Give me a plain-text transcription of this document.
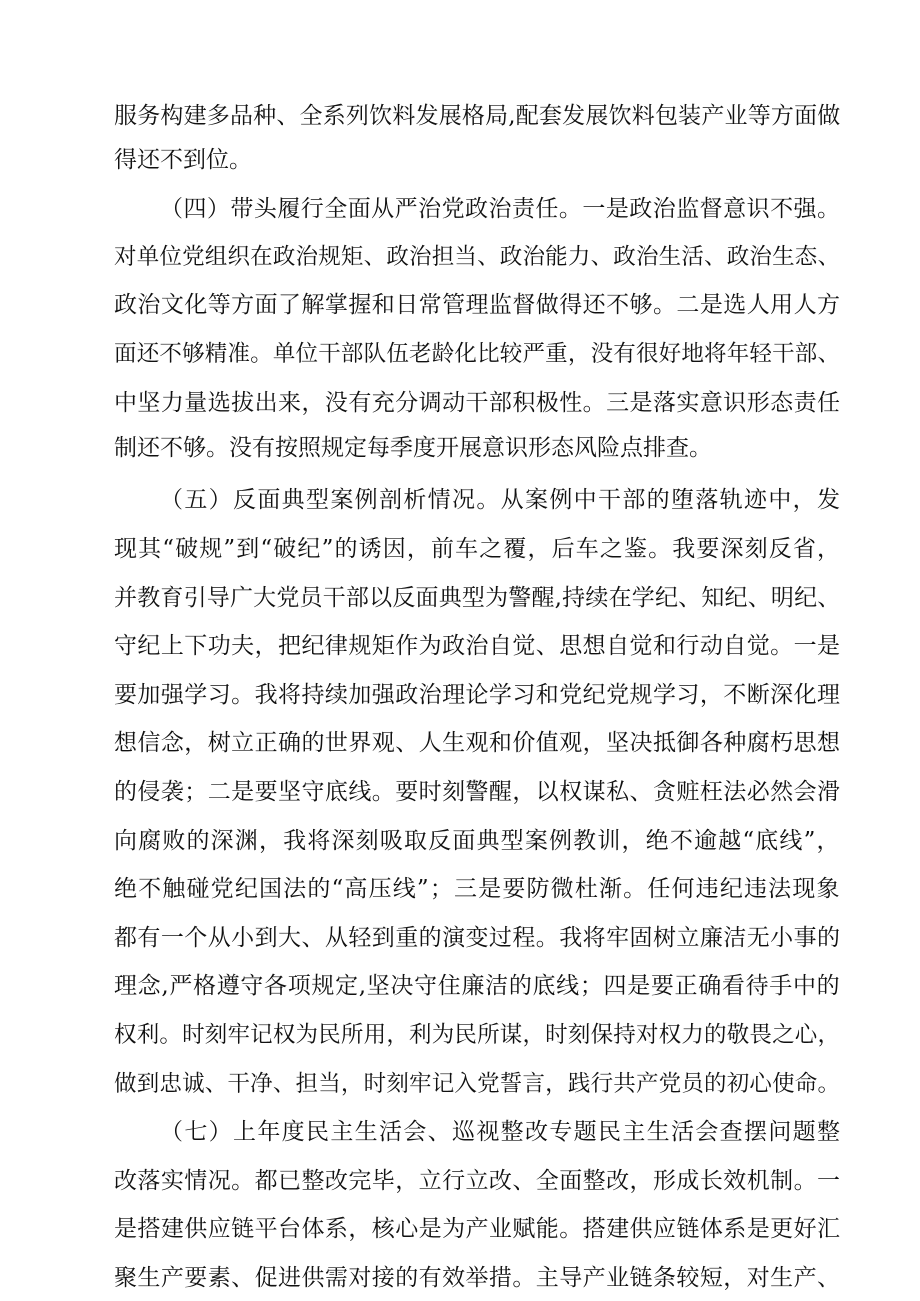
服务构建多品种、全系列饮料发展格局,配套发展饮料包装产业等方面做
得还不到位。
（四）带头履行全面从严治党政治责任。一是政治监督意识不强。
对单位党组织在政治规矩、政治担当、政治能力、政治生活、政治生态、
政治文化等方面了解掌握和日常管理监督做得还不够。二是选人用人方
面还不够精准。单位干部队伍老龄化比较严重，没有很好地将年轻干部、
中坚力量选拔出来，没有充分调动干部积极性。三是落实意识形态责任
制还不够。没有按照规定每季度开展意识形态风险点排查。
（五）反面典型案例剖析情况。从案例中干部的堕落轨迹中，发
现其“破规”到“破纪”的诱因，前车之覆，后车之鉴。我要深刻反省，
并教育引导广大党员干部以反面典型为警醒,持续在学纪、知纪、明纪、
守纪上下功夫，把纪律规矩作为政治自觉、思想自觉和行动自觉。一是
要加强学习。我将持续加强政治理论学习和党纪党规学习，不断深化理
想信念，树立正确的世界观、人生观和价值观，坚决抵御各种腐朽思想
的侵袭；二是要坚守底线。要时刻警醒，以权谋私、贪赃枉法必然会滑
向腐败的深渊，我将深刻吸取反面典型案例教训，绝不逾越“底线”，
绝不触碰党纪国法的“高压线”；三是要防微杜渐。任何违纪违法现象
都有一个从小到大、从轻到重的演变过程。我将牢固树立廉洁无小事的
理念,严格遵守各项规定,坚决守住廉洁的底线；四是要正确看待手中的
权利。时刻牢记权为民所用，利为民所谋，时刻保持对权力的敬畏之心，
做到忠诚、干净、担当，时刻牢记入党誓言，践行共产党员的初心使命。
（七）上年度民主生活会、巡视整改专题民主生活会查摆问题整
改落实情况。都已整改完毕，立行立改、全面整改，形成长效机制。一
是搭建供应链平台体系，核心是为产业赋能。搭建供应链体系是更好汇
聚生产要素、促进供需对接的有效举措。主导产业链条较短，对生产、
